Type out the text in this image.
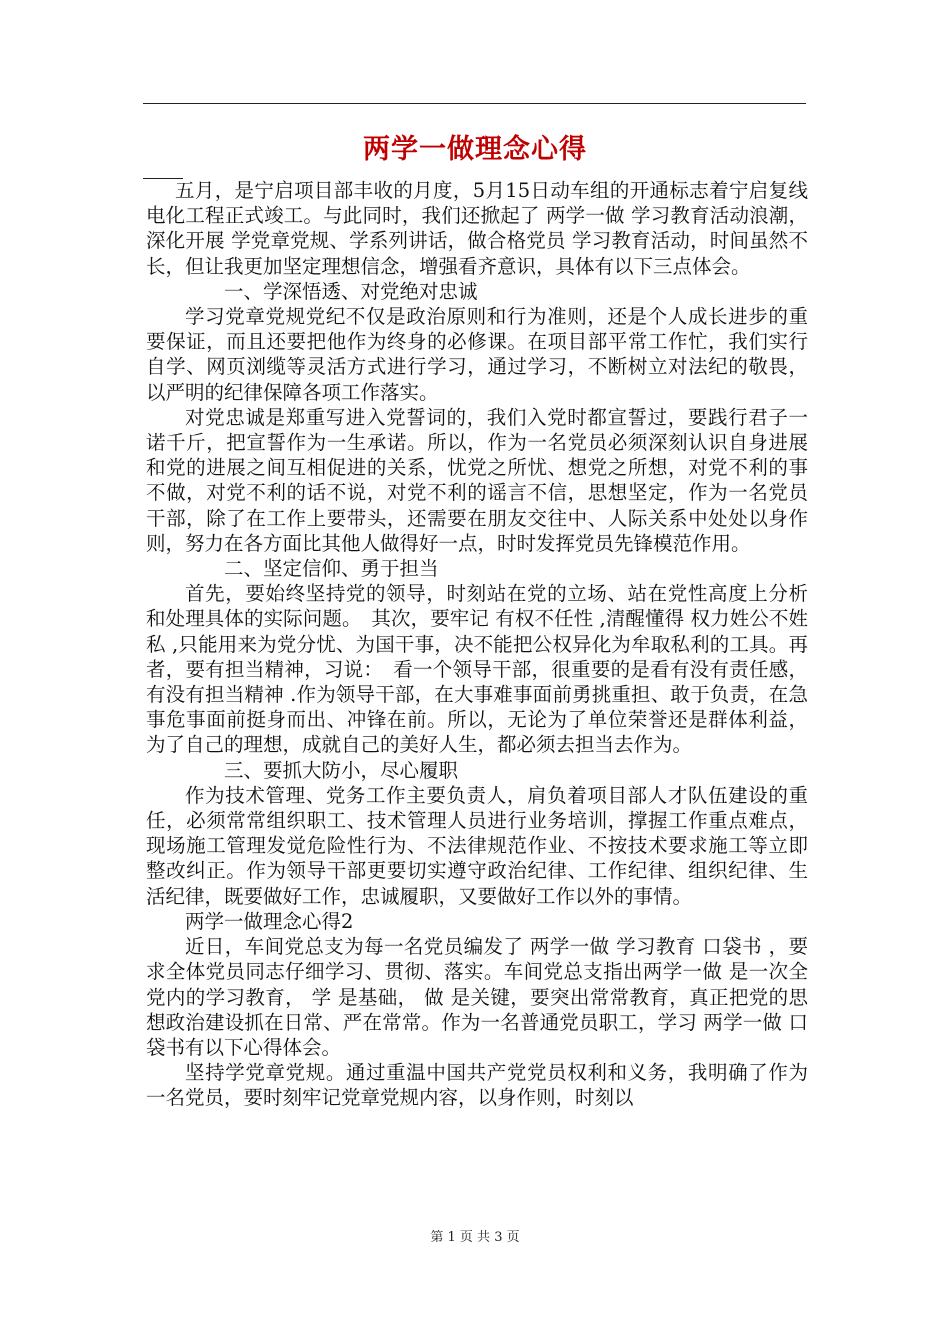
两学一做理念心得

五月，是宁启项目部丰收的月度，5月15日动车组的开通标志着宁启复线电化工程正式竣工。与此同时，我们还掀起了 两学一做 学习教育活动浪潮，深化开展 学党章党规、学系列讲话，做合格党员 学习教育活动，时间虽然不长，但让我更加坚定理想信念，增强看齐意识，具体有以下三点体会。

一、学深悟透、对党绝对忠诚

学习党章党规党纪不仅是政治原则和行为准则，还是个人成长进步的重要保证，而且还要把他作为终身的必修课。在项目部平常工作忙，我们实行自学、网页浏缆等灵活方式进行学习，通过学习，不断树立对法纪的敬畏，以严明的纪律保障各项工作落实。

对党忠诚是郑重写进入党誓词的，我们入党时都宣誓过，要践行君子一诺千斤，把宣誓作为一生承诺。所以，作为一名党员必须深刻认识自身进展和党的进展之间互相促进的关系，忧党之所忧、想党之所想，对党不利的事不做，对党不利的话不说，对党不利的谣言不信，思想坚定，作为一名党员干部，除了在工作上要带头，还需要在朋友交往中、人际关系中处处以身作则，努力在各方面比其他人做得好一点，时时发挥党员先锋模范作用。

二、坚定信仰、勇于担当

首先，要始终坚持党的领导，时刻站在党的立场、站在党性高度上分析和处理具体的实际问题。　其次，要牢记 有权不任性 ,清醒懂得 权力姓公不姓私 ,只能用来为党分忧、为国干事，决不能把公权异化为牟取私利的工具。再者，要有担当精神，习说：　看一个领导干部，很重要的是看有没有责任感，有没有担当精神 .作为领导干部，在大事难事面前勇挑重担、敢于负责，在急事危事面前挺身而出、冲锋在前。所以，无论为了单位荣誉还是群体利益，为了自己的理想，成就自己的美好人生，都必须去担当去作为。

三、要抓大防小，尽心履职

作为技术管理、党务工作主要负责人，肩负着项目部人才队伍建设的重任，必须常常组织职工、技术管理人员进行业务培训，撑握工作重点难点，现场施工管理发觉危险性行为、不法律规范作业、不按技术要求施工等立即整改纠正。作为领导干部更要切实遵守政治纪律、工作纪律、组织纪律、生活纪律，既要做好工作，忠诚履职，又要做好工作以外的事情。

两学一做理念心得2

近日，车间党总支为每一名党员编发了 两学一做 学习教育 口袋书 ，要求全体党员同志仔细学习、贯彻、落实。车间党总支指出两学一做 是一次全党内的学习教育， 学 是基础， 做 是关键，要突出常常教育，真正把党的思想政治建设抓在日常、严在常常。作为一名普通党员职工，学习 两学一做 口袋书有以下心得体会。

坚持学党章党规。通过重温中国共产党党员权利和义务，我明确了作为一名党员，要时刻牢记党章党规内容，以身作则，时刻以

第 1 页 共 3 页
